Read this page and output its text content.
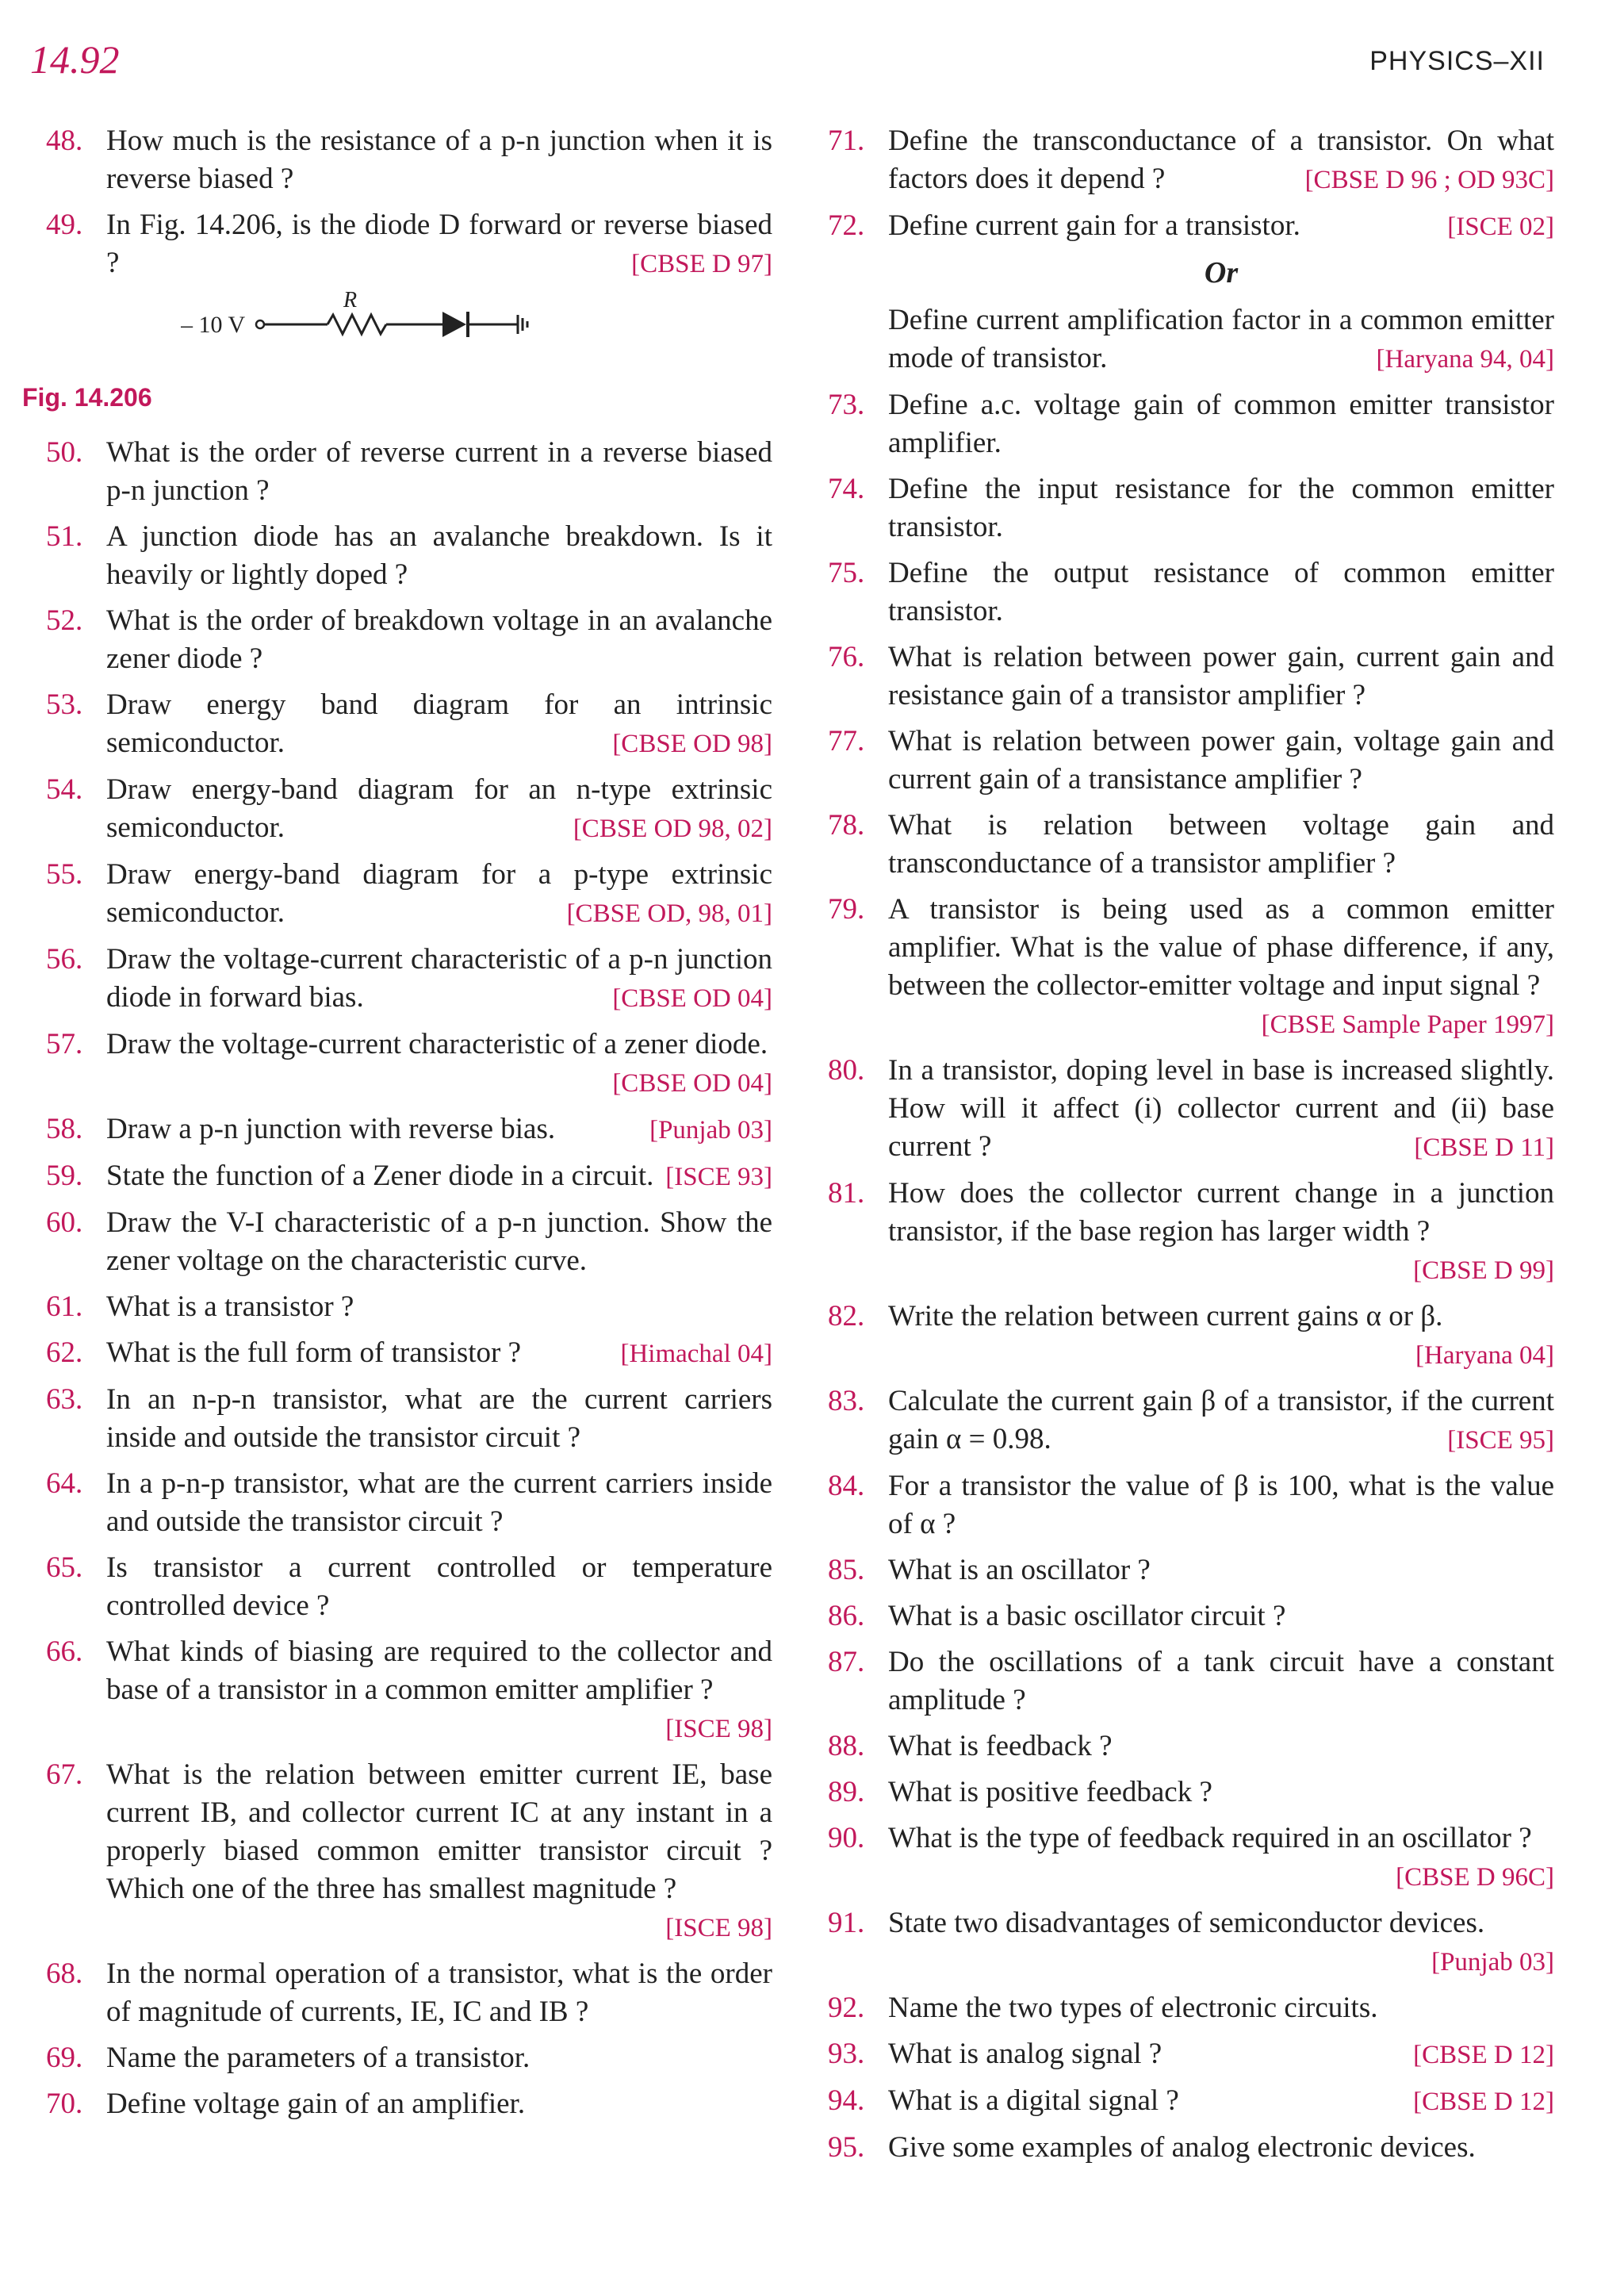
14.92	PHYSICS–XII
48. How much is the resistance of a p-n junction when it is reverse biased ?
49. In Fig. 14.206, is the diode D forward or reverse biased ?	[CBSE D 97]
– 10 V
R
Fig. 14.206
50. What is the order of reverse current in a reverse biased p-n junction ?
51. A junction diode has an avalanche breakdown. Is it heavily or lightly doped ?
52. What is the order of breakdown voltage in an avalanche zener diode ?
53. Draw energy band diagram for an intrinsic semiconductor.	[CBSE OD 98]
54. Draw energy-band diagram for an n-type extrinsic semiconductor.	[CBSE OD 98, 02]
55. Draw energy-band diagram for a p-type extrinsic semiconductor.	[CBSE OD, 98, 01]
56. Draw the voltage-current characteristic of a p-n junction diode in forward bias.	[CBSE OD 04]
57. Draw the voltage-current characteristic of a zener diode.
[CBSE OD 04]
58. Draw a p-n junction with reverse bias.	[Punjab 03]
59. State the function of a Zener diode in a circuit. [ISCE 93]
60. Draw the V-I characteristic of a p-n junction. Show the zener voltage on the characteristic curve.
61. What is a transistor ?
62. What is the full form of transistor ?	[Himachal 04]
63. In an n-p-n transistor, what are the current carriers inside and outside the transistor circuit ?
64. In a p-n-p transistor, what are the current carriers inside and outside the transistor circuit ?
65. Is transistor a current controlled or temperature controlled device ?
66. What kinds of biasing are required to the collector and base of a transistor in a common emitter amplifier ?
[ISCE 98]
67. What is the relation between emitter current IE, base current IB, and collector current IC at any instant in a properly biased common emitter transistor circuit ? Which one of the three has smallest magnitude ?
[ISCE 98]
68. In the normal operation of a transistor, what is the order of magnitude of currents, IE, IC and IB ?
69. Name the parameters of a transistor.
70. Define voltage gain of an amplifier.
71. Define the transconductance of a transistor. On what factors does it depend ?	[CBSE D 96 ; OD 93C]
72. Define current gain for a transistor.	[ISCE 02]
Or
Define current amplification factor in a common emitter mode of transistor.	[Haryana 94, 04]
73. Define a.c. voltage gain of common emitter transistor amplifier.
74. Define the input resistance for the common emitter transistor.
75. Define the output resistance of common emitter transistor.
76. What is relation between power gain, current gain and resistance gain of a transistor amplifier ?
77. What is relation between power gain, voltage gain and current gain of a transistance amplifier ?
78. What is relation between voltage gain and transconductance of a transistor amplifier ?
79. A transistor is being used as a common emitter amplifier. What is the value of phase difference, if any, between the collector-emitter voltage and input signal ?
[CBSE Sample Paper 1997]
80. In a transistor, doping level in base is increased slightly. How will it affect (i) collector current and (ii) base current ?	[CBSE D 11]
81. How does the collector current change in a junction transistor, if the base region has larger width ?
[CBSE D 99]
82. Write the relation between current gains α or β.
[Haryana 04]
83. Calculate the current gain β of a transistor, if the current gain α = 0.98.	[ISCE 95]
84. For a transistor the value of β is 100, what is the value of α ?
85. What is an oscillator ?
86. What is a basic oscillator circuit ?
87. Do the oscillations of a tank circuit have a constant amplitude ?
88. What is feedback ?
89. What is positive feedback ?
90. What is the type of feedback required in an oscillator ?
[CBSE D 96C]
91. State two disadvantages of semiconductor devices.
[Punjab 03]
92. Name the two types of electronic circuits.
93. What is analog signal ?	[CBSE D 12]
94. What is a digital signal ?	[CBSE D 12]
95. Give some examples of analog electronic devices.
